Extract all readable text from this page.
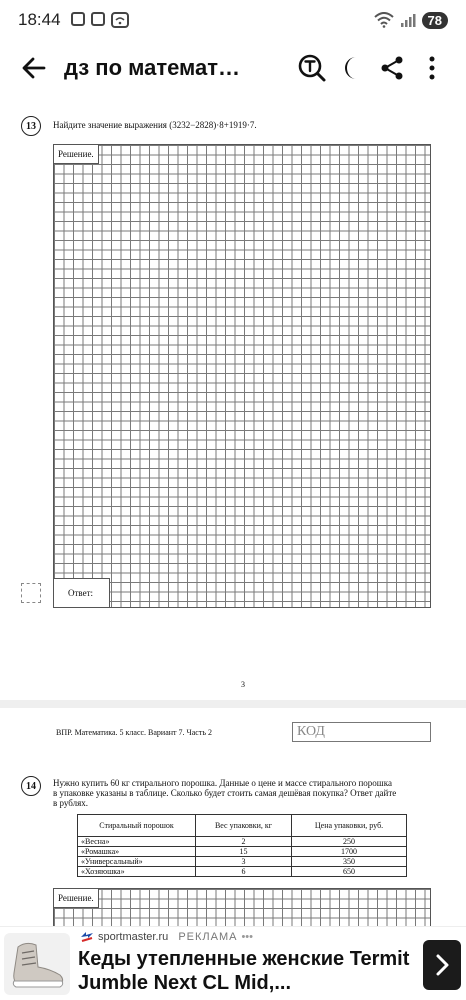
18:44	78
дз по математ…
13	Найдите значение выражения (3232−2828)·8+1919·7.
Решение.
Ответ:
3
ВПР. Математика. 5 класс. Вариант 7. Часть 2	КОД
14	Нужно купить 60 кг стирального порошка. Данные о цене и массе стирального порошка
в упаковке указаны в таблице. Сколько будет стоить самая дешёвая покупка? Ответ дайте
в рублях.
Стиральный порошок	Вес упаковки, кг	Цена упаковки, руб.
«Весна»	2	250
«Ромашка»	15	1700
«Универсальный»	3	350
«Хозяюшка»	6	650
Решение.
sportmaster.ru РЕКЛАМА •••
Кеды утепленные женские Termit Jumble Next CL Mid,...
